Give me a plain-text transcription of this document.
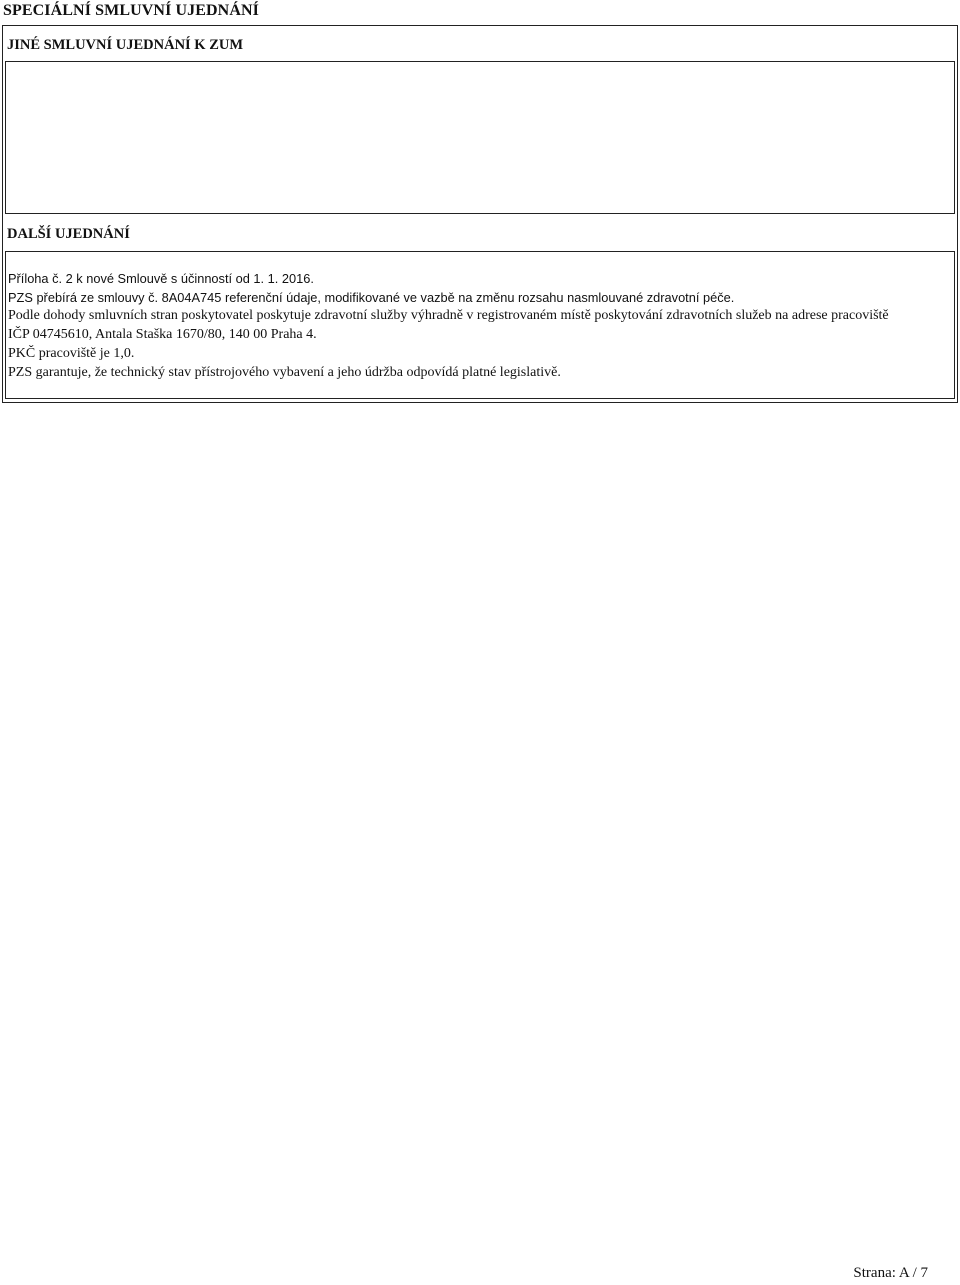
SPECIÁLNÍ SMLUVNÍ UJEDNÁNÍ
JINÉ SMLUVNÍ UJEDNÁNÍ K ZUM
DALŠÍ UJEDNÁNÍ
Příloha č. 2 k nové Smlouvě s účinností od 1. 1. 2016.
PZS přebírá ze smlouvy č. 8A04A745 referenční údaje, modifikované ve vazbě na změnu rozsahu nasmlouvané zdravotní péče.
Podle dohody smluvních stran poskytovatel poskytuje zdravotní služby výhradně v registrovaném místě poskytování zdravotních služeb na adrese pracoviště
IČP 04745610, Antala Staška 1670/80, 140 00 Praha 4.
PKČ pracoviště je 1,0.
PZS garantuje, že technický stav přístrojového vybavení a jeho údržba odpovídá platné legislativě.
Strana: A / 7
